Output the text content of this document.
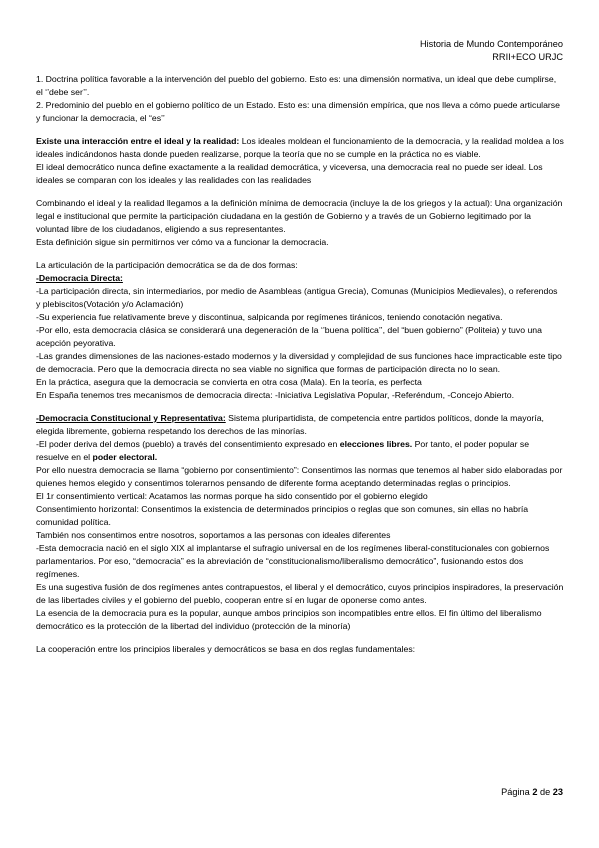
Historia de Mundo Contemporáneo
RRII+ECO URJC

1. Doctrina política favorable a la intervención del pueblo del gobierno. Esto es: una dimensión normativa, un ideal que debe cumplirse, el ‘’debe ser’’.

2. Predominio del pueblo en el gobierno político de un Estado. Esto es: una dimensión empírica, que nos lleva a cómo puede articularse y funcionar la democracia, el “es’’

Existe una interacción entre el ideal y la realidad: Los ideales moldean el funcionamiento de la democracia, y la realidad moldea a los ideales indicándonos hasta donde pueden realizarse, porque la teoría que no se cumple en la práctica no es viable.

El ideal democrático nunca define exactamente a la realidad democrática, y viceversa, una democracia real no puede ser ideal. Los ideales se comparan con los ideales y las realidades con las realidades

Combinando el ideal y la realidad llegamos a la definición mínima de democracia (incluye la de los griegos y la actual): Una organización legal e institucional que permite la participación ciudadana en la gestión de Gobierno y a través de un Gobierno legitimado por la voluntad libre de los ciudadanos, eligiendo a sus representantes.

Esta definición sigue sin permitirnos ver cómo va a funcionar la democracia.

La articulación de la participación democrática se da de dos formas:

-Democracia Directa:

-La participación directa, sin intermediarios, por medio de Asambleas (antigua Grecia), Comunas (Municipios Medievales), o referendos y plebiscitos(Votación y/o Aclamación)

-Su experiencia fue relativamente breve y discontinua, salpicanda por regímenes tiránicos, teniendo conotación negativa.

-Por ello, esta democracia clásica se considerará una degeneración de la ‘’buena política’’, del “buen gobierno” (Politeia) y tuvo una acepción peyorativa.

-Las grandes dimensiones de las naciones-estado modernos y la diversidad y complejidad de sus funciones hace impracticable este tipo de democracia. Pero que la democracia directa no sea viable no significa que formas de participación directa no lo sean.

En la práctica, asegura que la democracia se convierta en otra cosa (Mala). En la teoría, es perfecta

En España tenemos tres mecanismos de democracia directa: -Iniciativa Legislativa Popular, -Referéndum, -Concejo Abierto.

-Democracia Constitucional y Representativa: Sistema pluripartidista, de competencia entre partidos políticos, donde la mayoría, elegida libremente, gobierna respetando los derechos de las minorías.

-El poder deriva del demos (pueblo) a través del consentimiento expresado en elecciones libres. Por tanto, el poder popular se resuelve en el poder electoral.

Por ello nuestra democracia se llama “gobierno por consentimiento”: Consentimos las normas que tenemos al haber sido elaboradas por quienes hemos elegido y consentimos tolerarnos pensando de diferente forma aceptando determinadas reglas o principios.

El 1r consentimiento vertical: Acatamos las normas porque ha sido consentido por el gobierno elegido

Consentimiento horizontal: Consentimos la existencia de determinados principios o reglas que son comunes, sin ellas no habría comunidad política.

También nos consentimos entre nosotros, soportamos a las personas con ideales diferentes

-Esta democracia nació en el siglo XIX al implantarse el sufragio universal en de los regímenes liberal-constitucionales con gobiernos parlamentarios. Por eso, “democracia” es la abreviación de “constitucionalismo/liberalismo democrático”, fusionando estos dos regímenes.

Es una sugestiva fusión de dos regímenes antes contrapuestos, el liberal y el democrático, cuyos principios inspiradores, la preservación de las libertades civiles y el gobierno del pueblo, cooperan entre sí en lugar de oponerse como antes.

La esencia de la democracia pura es la popular, aunque ambos principios son incompatibles entre ellos. El fin último del liberalismo democrático es la protección de la libertad del individuo (protección de la minoría)

La cooperación entre los principios liberales y democráticos se basa en dos reglas fundamentales:

Página 2 de 23
